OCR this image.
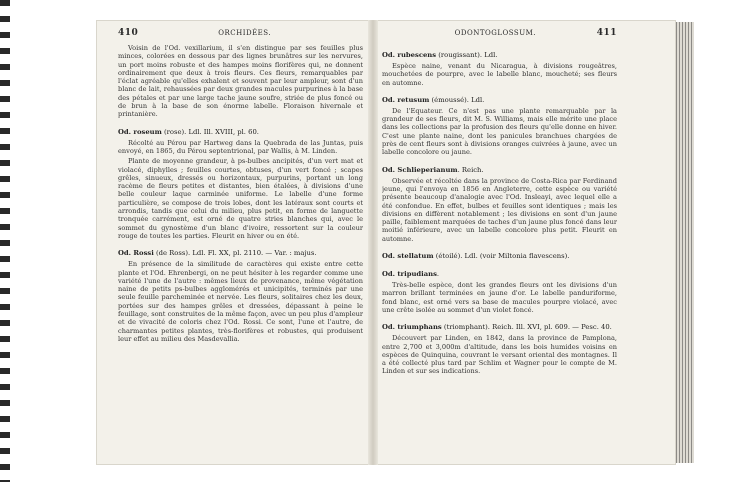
410	ORCHIDÉES.

Voisin de l'Od. vexillarium, il s'en distingue par ses feuilles plus minces, colorées en dessous par des lignes brunâtres sur les nervures, un port moins robuste et des hampes moins florifères qui, ne donnent ordinairement que deux à trois fleurs. Ces fleurs, remarquables par l'éclat agréable qu'elles exhalent et souvent par leur ampleur, sont d'un blanc de lait, rehaussées par deux grandes macules purpurines à la base des pétales et par une large tache jaune soufre, striée de plus foncé ou de brun à la base de son énorme labelle. Floraison hivernale et printanière.

Od. roseum (rose). Ldl. Ill. XVIII, pl. 60.

Récolté au Pérou par Hartweg dans la Quebrada de las Juntas, puis envoyé, en 1865, du Pérou septentrional, par Wallis, à M. Linden.

Plante de moyenne grandeur, à ps-bulbes ancipités, d'un vert mat et violacé, diphylles ; feuilles courtes, obtuses, d'un vert foncé ; scapes grêles, sinueux, dressés ou horizontaux, purpurins, portant un long racème de fleurs petites et distantes, bien étalées, à divisions d'une belle couleur laque carminée uniforme. Le labelle d'une forme particulière, se compose de trois lobes, dont les latéraux sont courts et arrondis, tandis que celui du milieu, plus petit, en forme de languette tronquée carrément, est orné de quatre stries blanches qui, avec le sommet du gynostème d'un blanc d'ivoire, ressortent sur la couleur rouge de toutes les parties. Fleurit en hiver ou en été.

Od. Rossi (de Ross). Ldl. Fl. XX, pl. 2110. — Var. : majus.

En présence de la similitude de caractères qui existe entre cette plante et l'Od. Ehrenbergi, on ne peut hésiter à les regarder comme une variété l'une de l'autre : mêmes lieux de provenance, même végétation naine de petits ps-bulbes agglomérés et unicipités, terminés par une seule feuille parcheminée et nervée. Les fleurs, solitaires chez les deux, portées sur des hampes grêles et dressées, dépassant à peine le feuillage, sont construites de la même façon, avec un peu plus d'ampleur et de vivacité de coloris chez l'Od. Rossi. Ce sont, l'une et l'autre, de charmantes petites plantes, très-florifères et robustes, qui produisent leur effet au milieu des Masdevallia.

ODONTOGLOSSUM.	411
Od. rubescens (rougissant). Ldl.

Espèce naine, venant du Nicaragua, à divisions rougeâtres, mouchetées de pourpre, avec le labelle blanc, moucheté; ses fleurs en automne.

Od. retusum (émoussé). Ldl.

De l'Equateur. Ce n'est pas une plante remarquable par la grandeur de ses fleurs, dit M. S. Williams, mais elle mérite une place dans les collections par la profusion des fleurs qu'elle donne en hiver. C'est une plante naine, dont les panicules branchues chargées de près de cent fleurs sont à divisions oranges cuivrées à jaune, avec un labelle concolore ou jaune.

Od. Schlieperianum. Reich.

Observée et récoltée dans la province de Costa-Rica par Ferdinand jeune, qui l'envoya en 1856 en Angleterre, cette espèce ou variété présente beaucoup d'analogie avec l'Od. Insleayi, avec lequel elle a été confondue. En effet, bulbes et feuilles sont identiques ; mais les divisions en diffèrent notablement ; les divisions en sont d'un jaune paille, faiblement marquées de taches d'un jaune plus foncé dans leur moitié inférieure, avec un labelle concolore plus petit. Fleurit en automne.

Od. stellatum (étoilé). Ldl. (voir Miltonia flavescens).
Od. tripudians.

Très-belle espèce, dont les grandes fleurs ont les divisions d'un marron brillant terminées en jaune d'or. Le labelle panduriforme, fond blanc, est orné vers sa base de macules pourpre violacé, avec une crête isolée au sommet d'un violet foncé.

Od. triumphans (triomphant). Reich. Ill. XVI, pl. 609. — Pesc. 40.

Découvert par Linden, en 1842, dans la province de Pamplona, entre 2,700 et 3,000m d'altitude, dans les bois humides voisins en espèces de Quinquina, couvrant le versant oriental des montagnes. Il a été collecté plus tard par Schlim et Wagner pour le compte de M. Linden et sur ses indications.
